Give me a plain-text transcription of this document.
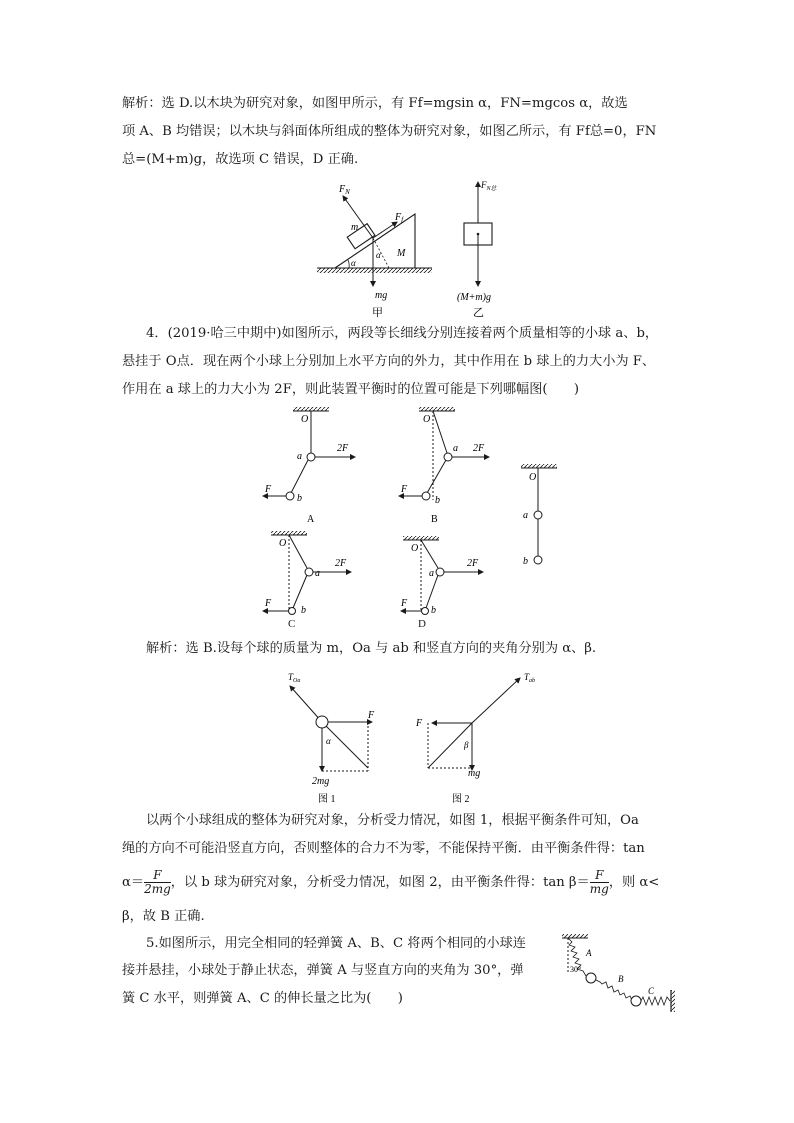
解析：选 D.以木块为研究对象，如图甲所示，有 Ff=mgsin α，FN=mgcos α，故选
项 A、B 均错误；以木块与斜面体所组成的整体为研究对象，如图乙所示，有 Ff总=0，FN
总=(M+m)g，故选项 C 错误，D 正确.
$F_N$
$F_f$
m
M
α
α
mg
甲
$F_{N总}$
(M+m)g
乙
4．(2019·哈三中期中)如图所示，两段等长细线分别连接着两个质量相等的小球 a、b，
悬挂于 O点．现在两个小球上分别加上水平方向的外力，其中作用在 b 球上的力大小为 F、
作用在 a 球上的力大小为 2F，则此装置平衡时的位置可能是下列哪幅图(　　)
O
a
b
2F
F
A
O
a
b
2F
F
B
O
a
b
O
a
b
2F
F
O
a
b
2F
F
C	D
解析：选 B.设每个球的质量为 m，Oa 与 ab 和竖直方向的夹角分别为 α、β.
$T_{Oa}$
F
α
2mg
图 1
$T_{ab}$
F
β
mg
图 2
以两个小球组成的整体为研究对象，分析受力情况，如图 1，根据平衡条件可知，Oa
绳的方向不可能沿竖直方向，否则整体的合力不为零，不能保持平衡．由平衡条件得：tan
$\alpha= \frac{F}{2mg}$ ，以 b 球为研究对象，分析受力情况，如图 2，由平衡条件得：$\tan \beta= \frac{F}{mg}$ ，则 α<
β，故 B 正确.
5.如图所示，用完全相同的轻弹簧 A、B、C 将两个相同的小球连
接并悬挂，小球处于静止状态，弹簧 A 与竖直方向的夹角为 30°，弹
簧 C 水平，则弹簧 A、C 的伸长量之比为(　　)
A
B
C
30°
